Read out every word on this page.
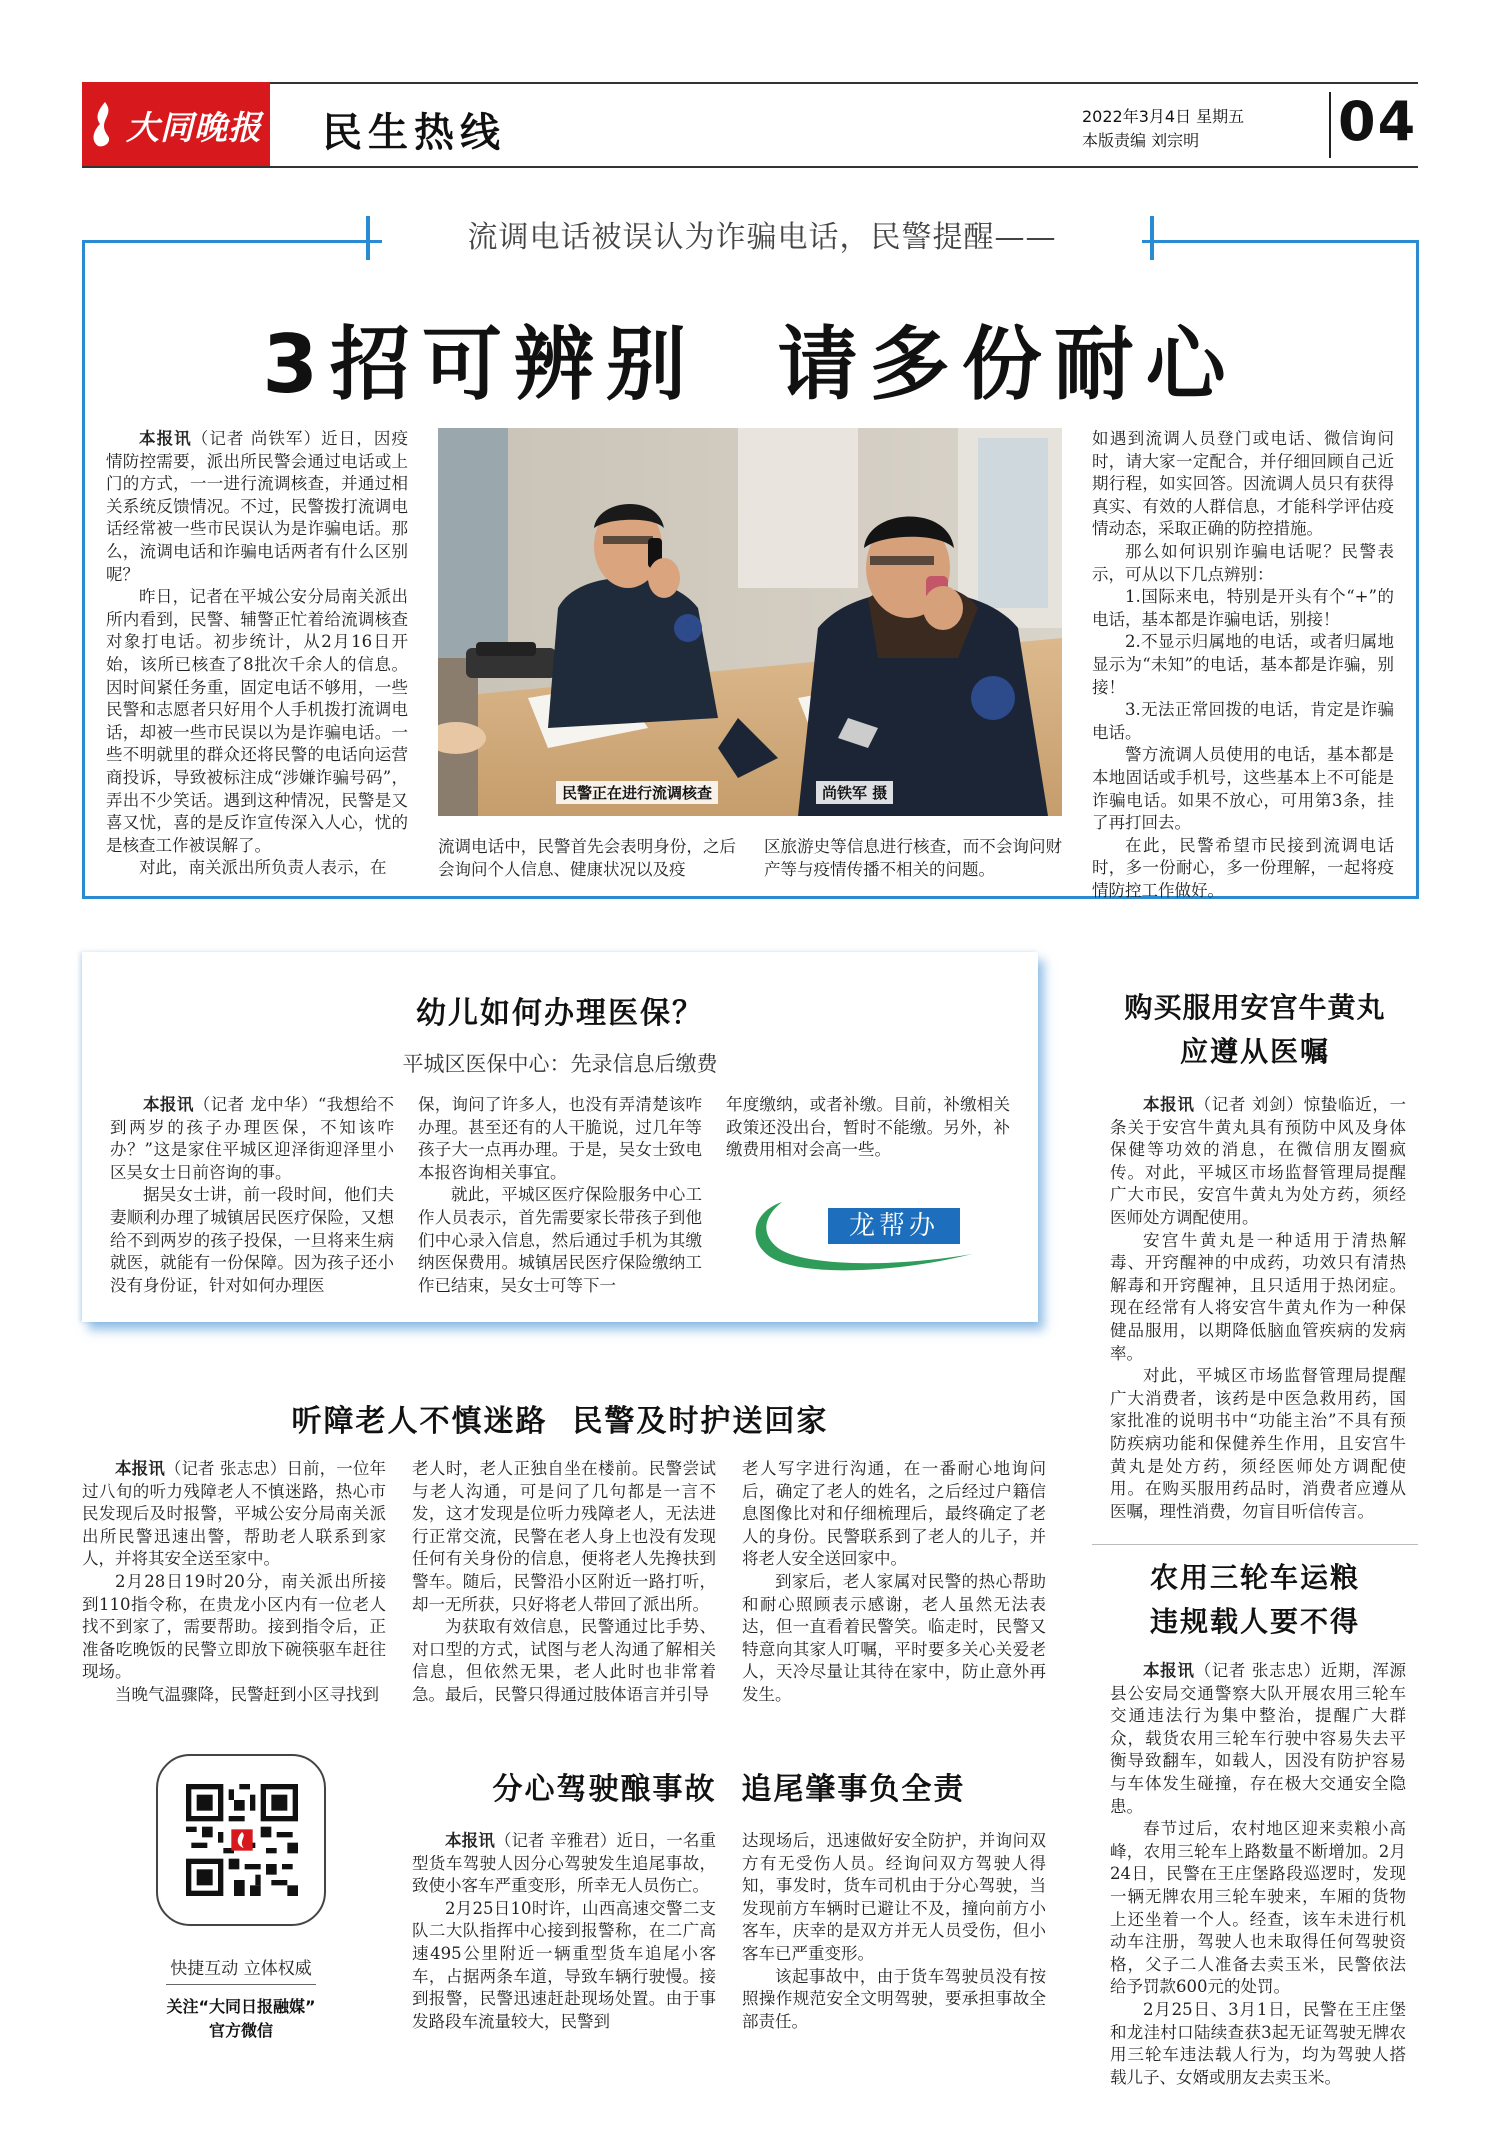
大同晚报 民生热线	2022年3月4日 星期五
本版责编 刘宗明	04
流调电话被误认为诈骗电话，民警提醒——
3招可辨别  请多份耐心

本报讯（记者 尚铁军）近日，因疫情防控需要，派出所民警会通过电话或上门的方式，一一进行流调核查，并通过相关系统反馈情况。不过，民警拨打流调电话经常被一些市民误认为是诈骗电话。那么，流调电话和诈骗电话两者有什么区别呢？

昨日，记者在平城公安分局南关派出所内看到，民警、辅警正忙着给流调核查对象打电话。初步统计，从2月16日开始，该所已核查了8批次千余人的信息。因时间紧任务重，固定电话不够用，一些民警和志愿者只好用个人手机拨打流调电话，却被一些市民误以为是诈骗电话。一些不明就里的群众还将民警的电话向运营商投诉，导致被标注成“涉嫌诈骗号码”，弄出不少笑话。遇到这种情况，民警是又喜又忧，喜的是反诈宣传深入人心，忧的是核查工作被误解了。

对此，南关派出所负责人表示，在

民警正在进行流调核查	尚铁军 摄

流调电话中，民警首先会表明身份，之后会询问个人信息、健康状况以及疫

区旅游史等信息进行核查，而不会询问财产等与疫情传播不相关的问题。

如遇到流调人员登门或电话、微信询问时，请大家一定配合，并仔细回顾自己近期行程，如实回答。因流调人员只有获得真实、有效的人群信息，才能科学评估疫情动态，采取正确的防控措施。

那么如何识别诈骗电话呢？民警表示，可从以下几点辨别：

1.国际来电，特别是开头有个“+”的电话，基本都是诈骗电话，别接！

2.不显示归属地的电话，或者归属地显示为“未知”的电话，基本都是诈骗，别接！

3.无法正常回拨的电话，肯定是诈骗电话。

警方流调人员使用的电话，基本都是本地固话或手机号，这些基本上不可能是诈骗电话。如果不放心，可用第3条，挂了再打回去。

在此，民警希望市民接到流调电话时，多一份耐心，多一份理解，一起将疫情防控工作做好。

幼儿如何办理医保？
平城区医保中心：先录信息后缴费

本报讯（记者 龙中华）“我想给不到两岁的孩子办理医保，不知该咋办？”这是家住平城区迎泽街迎泽里小区吴女士日前咨询的事。

据吴女士讲，前一段时间，他们夫妻顺利办理了城镇居民医疗保险，又想给不到两岁的孩子投保，一旦将来生病就医，就能有一份保障。因为孩子还小没有身份证，针对如何办理医

保，询问了许多人，也没有弄清楚该咋办理。甚至还有的人干脆说，过几年等孩子大一点再办理。于是，吴女士致电本报咨询相关事宜。

就此，平城区医疗保险服务中心工作人员表示，首先需要家长带孩子到他们中心录入信息，然后通过手机为其缴纳医保费用。城镇居民医疗保险缴纳工作已结束，吴女士可等下一

年度缴纳，或者补缴。目前，补缴相关政策还没出台，暂时不能缴。另外，补缴费用相对会高一些。

龙帮办
购买服用安宫牛黄丸
应遵从医嘱

本报讯（记者 刘剑）惊蛰临近，一条关于安宫牛黄丸具有预防中风及身体保健等功效的消息，在微信朋友圈疯传。对此，平城区市场监督管理局提醒广大市民，安宫牛黄丸为处方药，须经医师处方调配使用。

安宫牛黄丸是一种适用于清热解毒、开窍醒神的中成药，功效只有清热解毒和开窍醒神，且只适用于热闭症。现在经常有人将安宫牛黄丸作为一种保健品服用，以期降低脑血管疾病的发病率。

对此，平城区市场监督管理局提醒广大消费者，该药是中医急救用药，国家批准的说明书中“功能主治”不具有预防疾病功能和保健养生作用，且安宫牛黄丸是处方药，须经医师处方调配使用。在购买服用药品时，消费者应遵从医嘱，理性消费，勿盲目听信传言。

听障老人不慎迷路  民警及时护送回家

本报讯（记者 张志忠）日前，一位年过八旬的听力残障老人不慎迷路，热心市民发现后及时报警，平城公安分局南关派出所民警迅速出警，帮助老人联系到家人，并将其安全送至家中。

2月28日19时20分，南关派出所接到110指令称，在贵龙小区内有一位老人找不到家了，需要帮助。接到指令后，正准备吃晚饭的民警立即放下碗筷驱车赶往现场。

当晚气温骤降，民警赶到小区寻找到

老人时，老人正独自坐在楼前。民警尝试与老人沟通，可是问了几句都是一言不发，这才发现是位听力残障老人，无法进行正常交流，民警在老人身上也没有发现任何有关身份的信息，便将老人先搀扶到警车。随后，民警沿小区附近一路打听，却一无所获，只好将老人带回了派出所。

为获取有效信息，民警通过比手势、对口型的方式，试图与老人沟通了解相关信息，但依然无果，老人此时也非常着急。最后，民警只得通过肢体语言并引导

老人写字进行沟通，在一番耐心地询问后，确定了老人的姓名，之后经过户籍信息图像比对和仔细梳理后，最终确定了老人的身份。民警联系到了老人的儿子，并将老人安全送回家中。

到家后，老人家属对民警的热心帮助和耐心照顾表示感谢，老人虽然无法表达，但一直看着民警笑。临走时，民警又特意向其家人叮嘱，平时要多关心关爱老人，天冷尽量让其待在家中，防止意外再发生。

农用三轮车运粮
违规载人要不得

本报讯（记者 张志忠）近期，浑源县公安局交通警察大队开展农用三轮车交通违法行为集中整治，提醒广大群众，载货农用三轮车行驶中容易失去平衡导致翻车，如载人，因没有防护容易与车体发生碰撞，存在极大交通安全隐患。

春节过后，农村地区迎来卖粮小高峰，农用三轮车上路数量不断增加。2月24日，民警在王庄堡路段巡逻时，发现一辆无牌农用三轮车驶来，车厢的货物上还坐着一个人。经查，该车未进行机动车注册，驾驶人也未取得任何驾驶资格，父子二人准备去卖玉米，民警依法给予罚款600元的处罚。

2月25日、3月1日，民警在王庄堡和龙洼村口陆续查获3起无证驾驶无牌农用三轮车违法载人行为，均为驾驶人搭载儿子、女婿或朋友去卖玉米。

快捷互动 立体权威
关注“大同日报融媒”
官方微信
分心驾驶酿事故  追尾肇事负全责

本报讯（记者 辛雅君）近日，一名重型货车驾驶人因分心驾驶发生追尾事故，致使小客车严重变形，所幸无人员伤亡。

2月25日10时许，山西高速交警二支队二大队指挥中心接到报警称，在二广高速495公里附近一辆重型货车追尾小客车，占据两条车道，导致车辆行驶慢。接到报警，民警迅速赶赴现场处置。由于事发路段车流量较大，民警到

达现场后，迅速做好安全防护，并询问双方有无受伤人员。经询问双方驾驶人得知，事发时，货车司机由于分心驾驶，当发现前方车辆时已避让不及，撞向前方小客车，庆幸的是双方并无人员受伤，但小客车已严重变形。

该起事故中，由于货车驾驶员没有按照操作规范安全文明驾驶，要承担事故全部责任。
